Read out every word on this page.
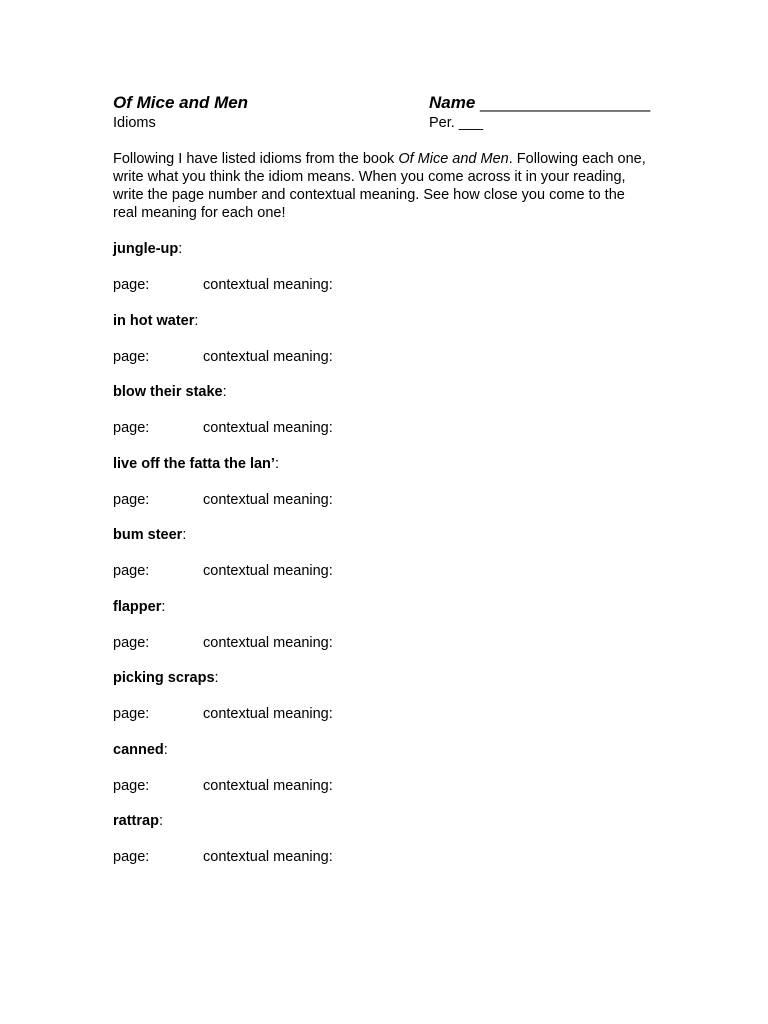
Of Mice and Men	Name __________________
Idioms	Per. ___
Following I have listed idioms from the book Of Mice and Men. Following each one, write what you think the idiom means. When you come across it in your reading, write the page number and contextual meaning. See how close you come to the real meaning for each one!
jungle-up:
page:	contextual meaning:
in hot water:
page:	contextual meaning:
blow their stake:
page:	contextual meaning:
live off the fatta the lan’:
page:	contextual meaning:
bum steer:
page:	contextual meaning:
flapper:
page:	contextual meaning:
picking scraps:
page:	contextual meaning:
canned:
page:	contextual meaning:
rattrap:
page:	contextual meaning:
